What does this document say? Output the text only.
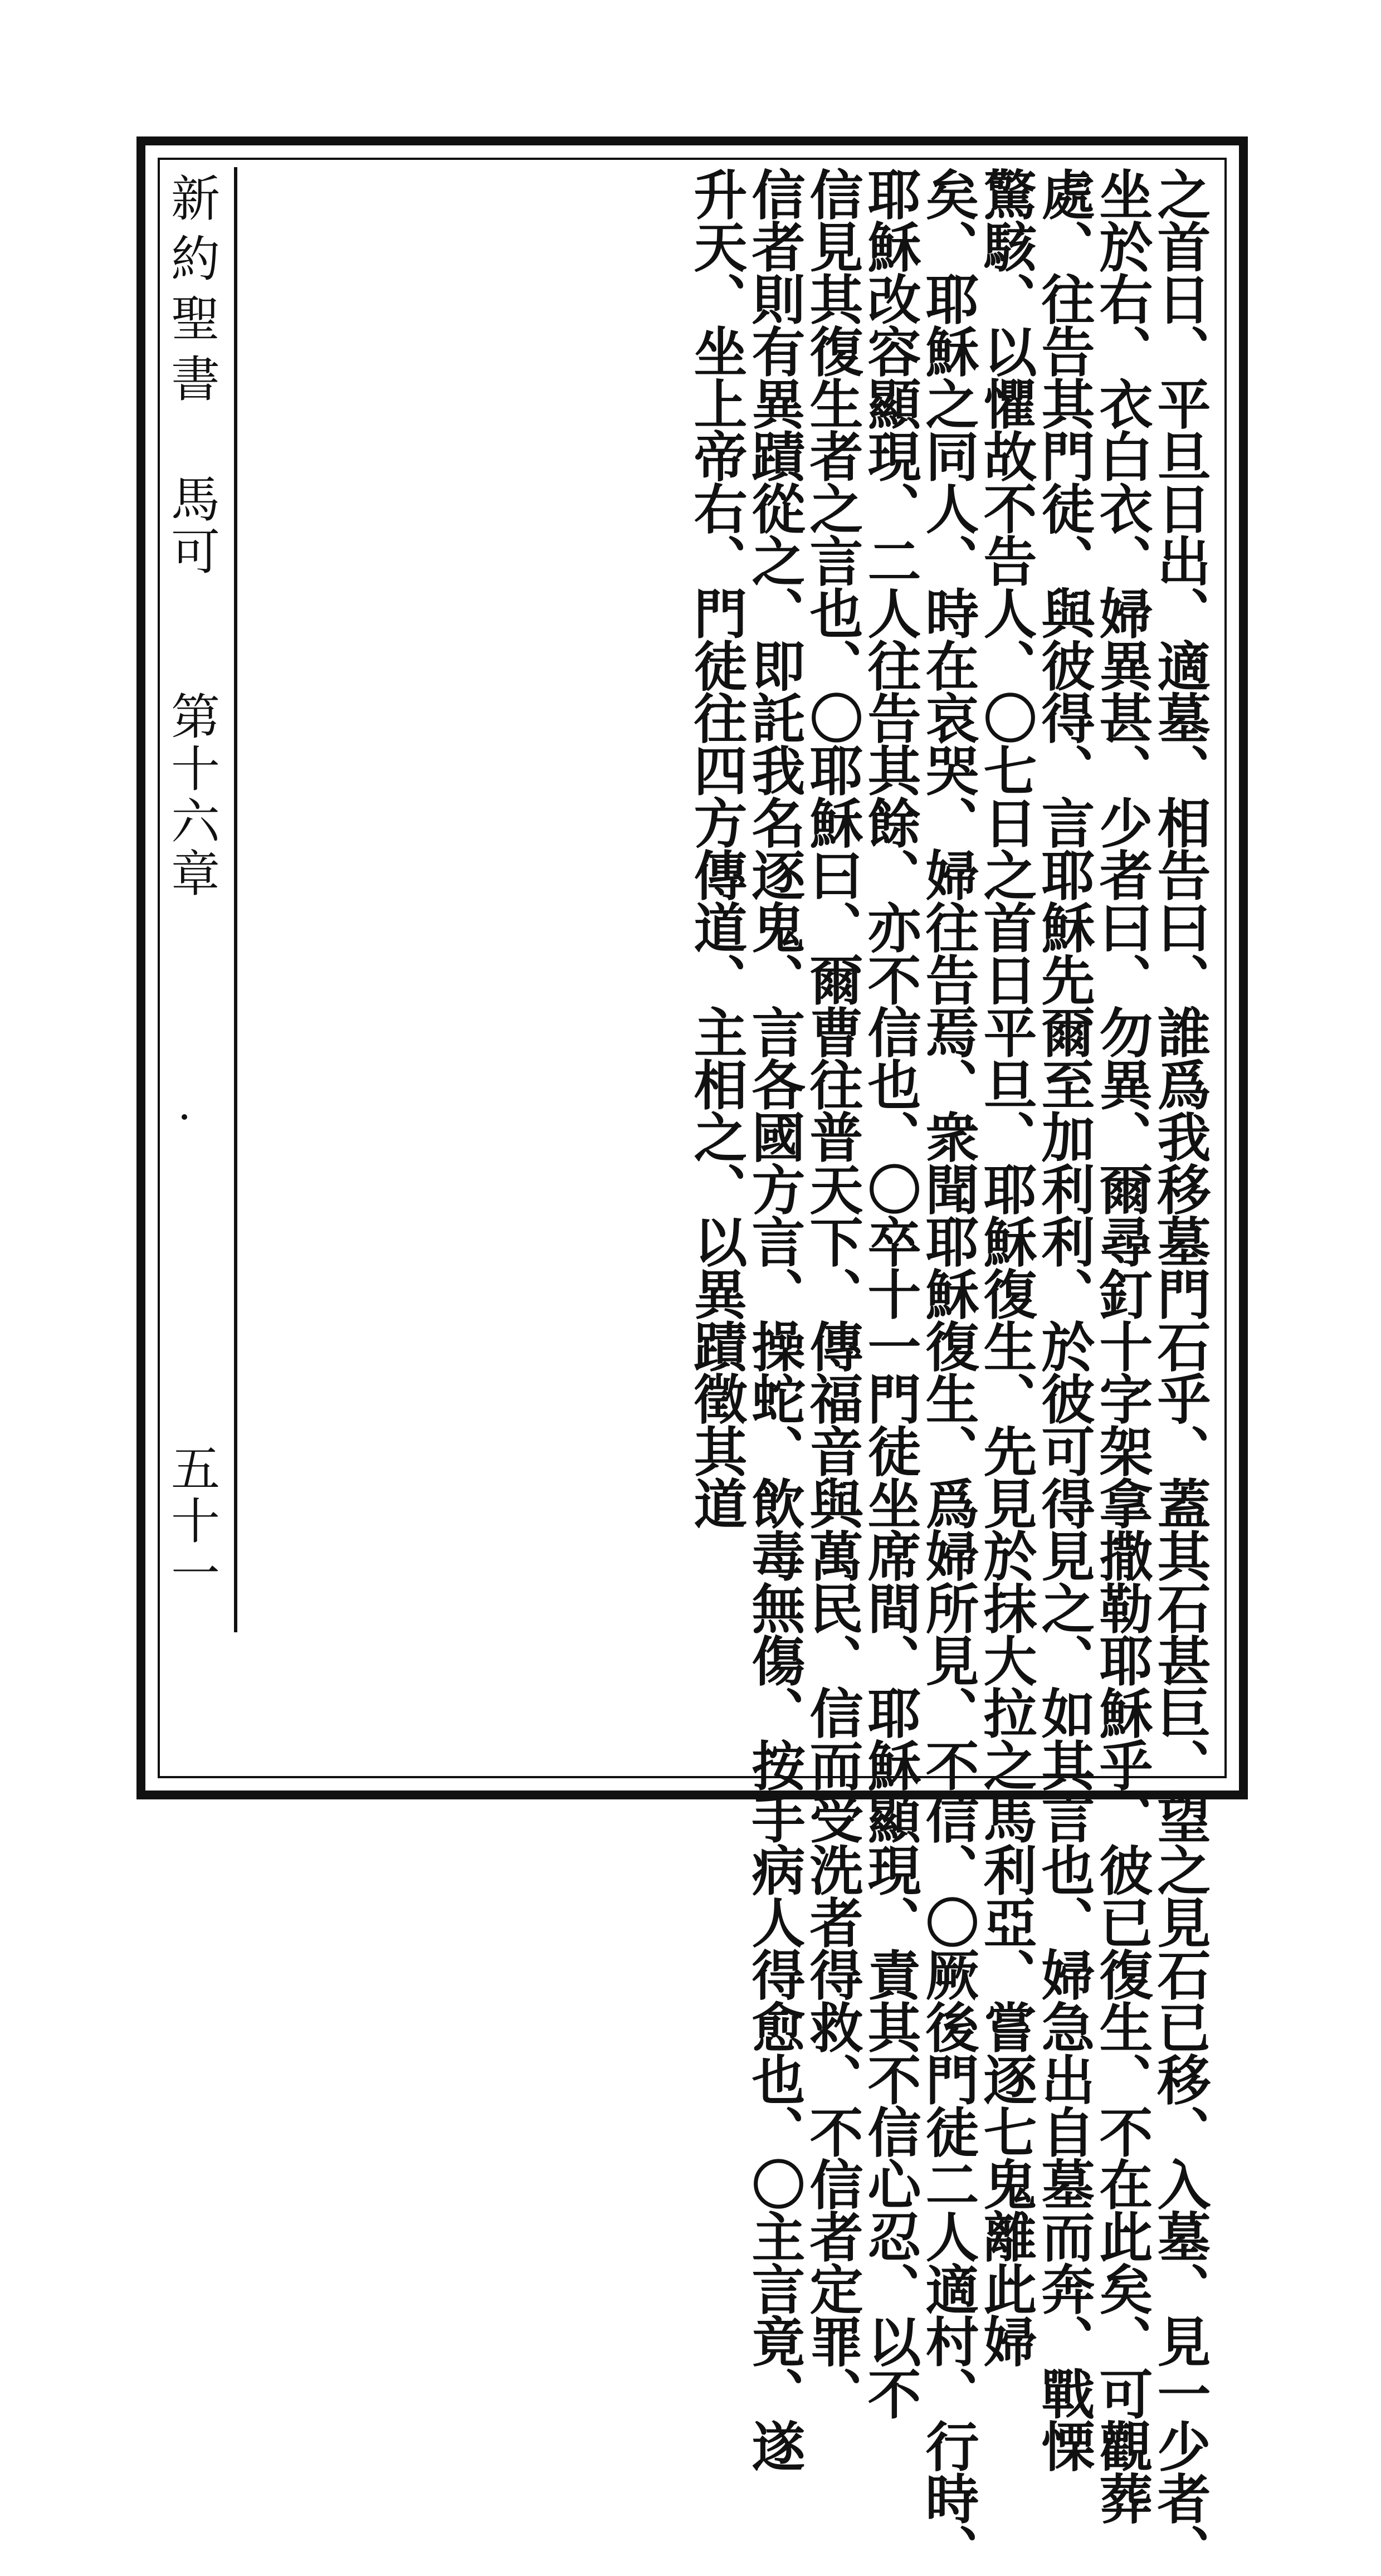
新約聖書
馬可
第十六章
五十一	之首日、平旦日出、適墓、相告曰、誰爲我移墓門石乎、蓋其石甚巨、望之見石已移、入墓、見一少者、
坐於右、衣白衣、婦異甚、少者曰、勿異、爾尋釘十字架拿撒勒耶穌乎、彼已復生、不在此矣、可觀葬
處、往告其門徒、與彼得、言耶穌先爾至加利利、於彼可得見之、如其言也、婦急出自墓而奔、戰慄
驚駭、以懼故不告人、〇七日之首日平旦、耶穌復生、先見於抹大拉之馬利亞、嘗逐七鬼離此婦
矣、耶穌之同人、時在哀哭、婦往告焉、衆聞耶穌復生、爲婦所見、不信、〇厥後門徒二人適村、行時、
耶穌改容顯現、二人往告其餘、亦不信也、〇卒十一門徒坐席間、耶穌顯現、責其不信心忍、以不
信見其復生者之言也、〇耶穌曰、爾曹往普天下、傳福音與萬民、信而受洗者得救、不信者定罪、
信者則有異蹟從之、即託我名逐鬼、言各國方言、操蛇、飲毒無傷、按手病人得愈也、〇主言竟、遂
升天、坐上帝右、門徒往四方傳道、主相之、以異蹟徵其道
